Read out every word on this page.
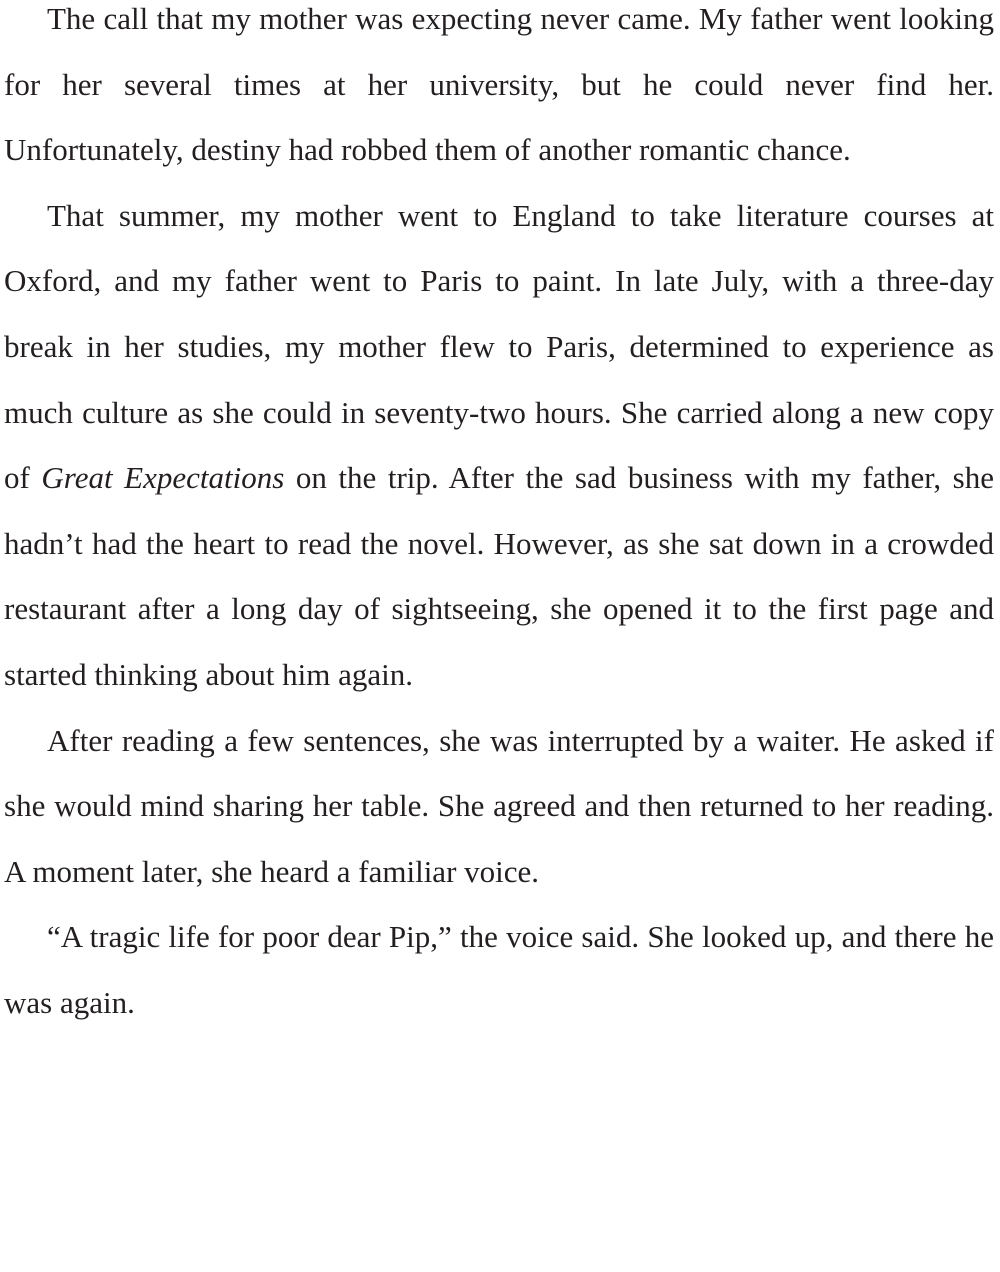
The call that my mother was expecting never came. My father went looking for her several times at her university, but he could never find her. Unfortunately, destiny had robbed them of another romantic chance.

That summer, my mother went to England to take literature courses at Oxford, and my father went to Paris to paint. In late July, with a three-day break in her studies, my mother flew to Paris, determined to experience as much culture as she could in seventy-two hours. She carried along a new copy of Great Expectations on the trip. After the sad business with my father, she hadn’t had the heart to read the novel. However, as she sat down in a crowded restaurant after a long day of sightseeing, she opened it to the first page and started thinking about him again.

After reading a few sentences, she was interrupted by a waiter. He asked if she would mind sharing her table. She agreed and then returned to her reading. A moment later, she heard a familiar voice.

“A tragic life for poor dear Pip,” the voice said. She looked up, and there he was again.
